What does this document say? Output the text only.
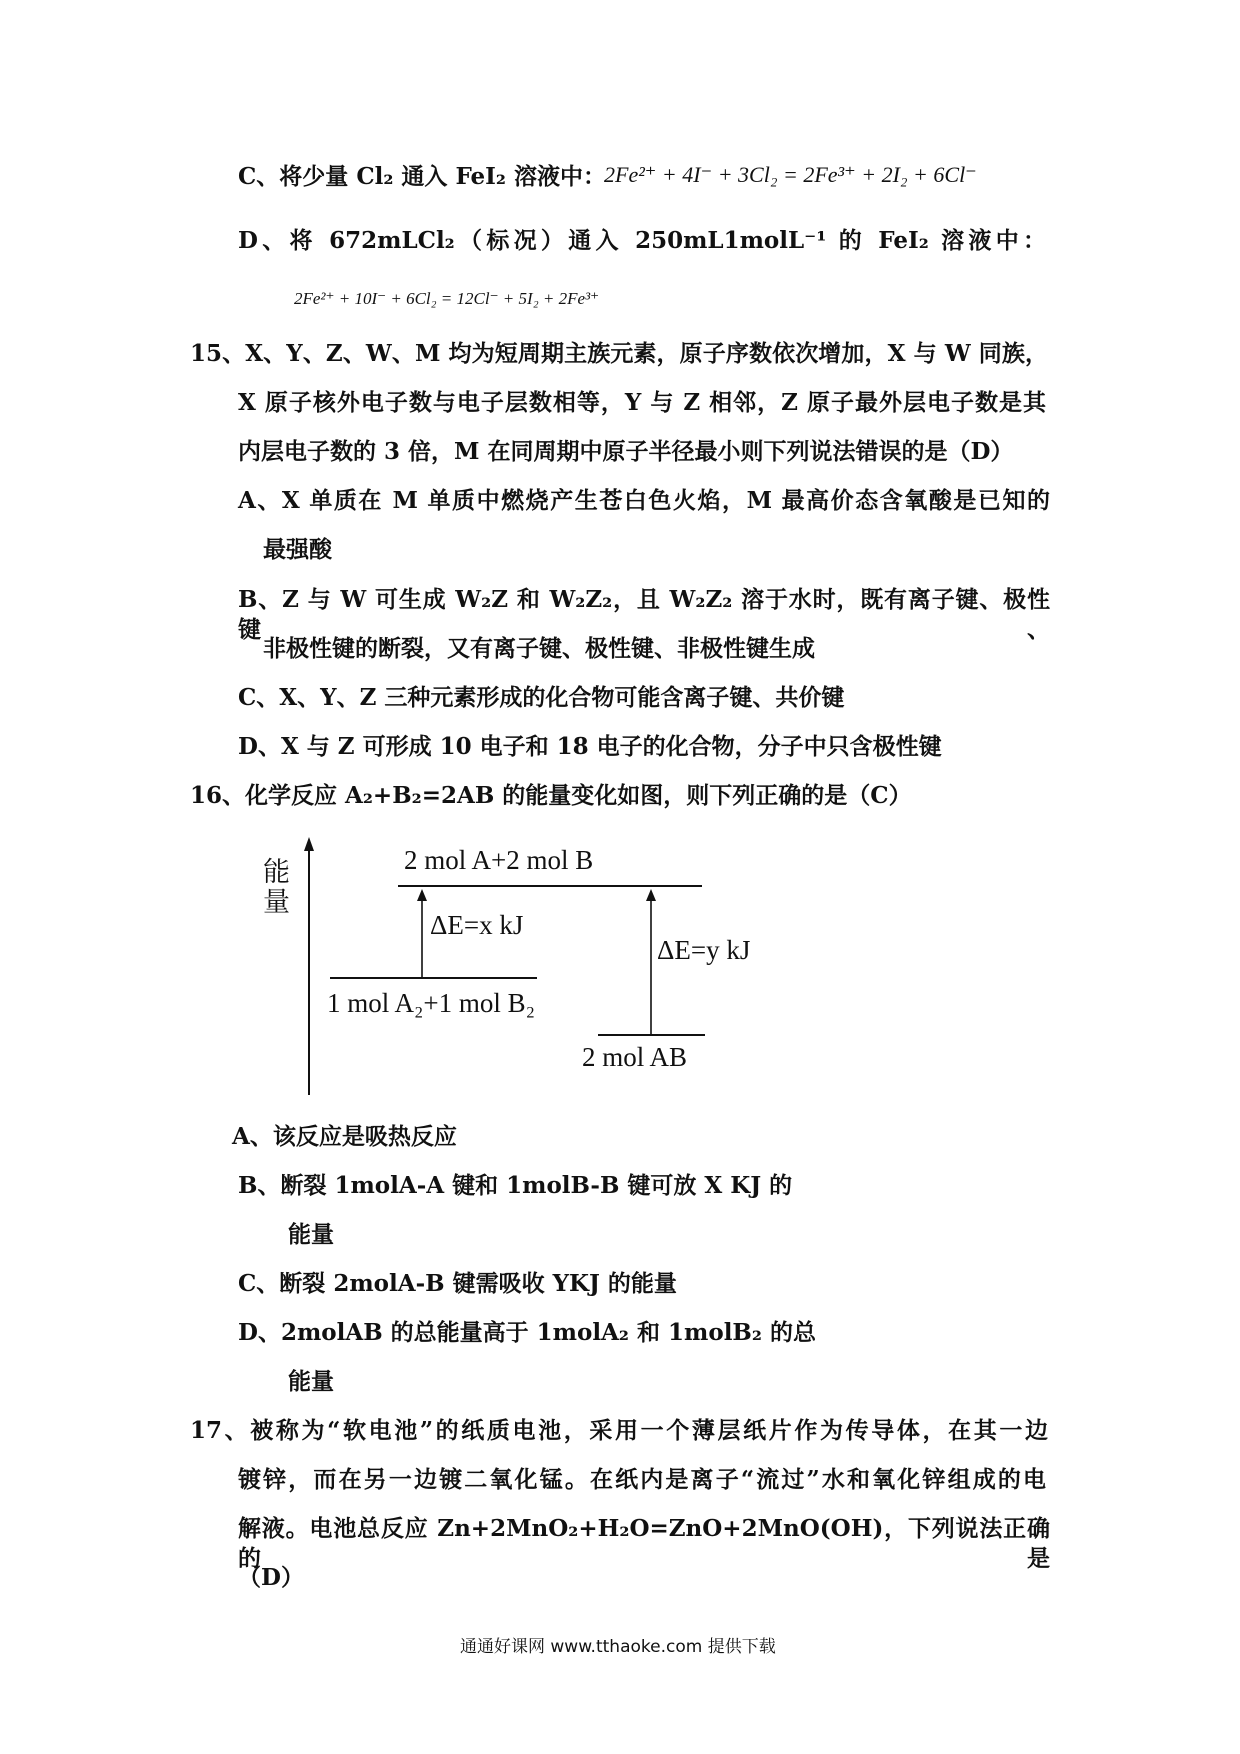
C、将少量 Cl₂ 通入 FeI₂ 溶液中：
2Fe²⁺ + 4I⁻ + 3Cl₂ = 2Fe³⁺ + 2I₂ + 6Cl⁻
D、将 672mLCl₂（标况）通入 250mL1molL⁻¹ 的 FeI₂ 溶液中：
2Fe²⁺ + 10I⁻ + 6Cl₂ = 12Cl⁻ + 5I₂ + 2Fe³⁺
15、X、Y、Z、W、M 均为短周期主族元素，原子序数依次增加，X 与 W 同族，
X 原子核外电子数与电子层数相等，Y 与 Z 相邻，Z 原子最外层电子数是其
内层电子数的 3 倍，M 在同周期中原子半径最小则下列说法错误的是（D）
A、X 单质在 M 单质中燃烧产生苍白色火焰，M 最高价态含氧酸是已知的
最强酸
B、Z 与 W 可生成 W₂Z 和 W₂Z₂，且 W₂Z₂ 溶于水时，既有离子键、极性键、
非极性键的断裂，又有离子键、极性键、非极性键生成
C、X、Y、Z 三种元素形成的化合物可能含离子键、共价键
D、X 与 Z 可形成 10 电子和 18 电子的化合物，分子中只含极性键
16、化学反应 A₂+B₂=2AB 的能量变化如图，则下列正确的是（C）
能
量
2 mol A+2 mol B
ΔE=x kJ
ΔE=y kJ
1 mol A₂+1 mol B₂
2 mol AB
A、该反应是吸热反应
B、断裂 1molA-A 键和 1molB-B 键可放 X KJ 的
能量
C、断裂 2molA-B 键需吸收 YKJ 的能量
D、2molAB 的总能量高于 1molA₂ 和 1molB₂ 的总
能量
17、被称为“软电池”的纸质电池，采用一个薄层纸片作为传导体，在其一边
镀锌，而在另一边镀二氧化锰。在纸内是离子“流过”水和氧化锌组成的电
解液。电池总反应 Zn+2MnO₂+H₂O=ZnO+2MnO(OH)，下列说法正确的是
（D）
通通好课网 www.tthaoke.com 提供下载
